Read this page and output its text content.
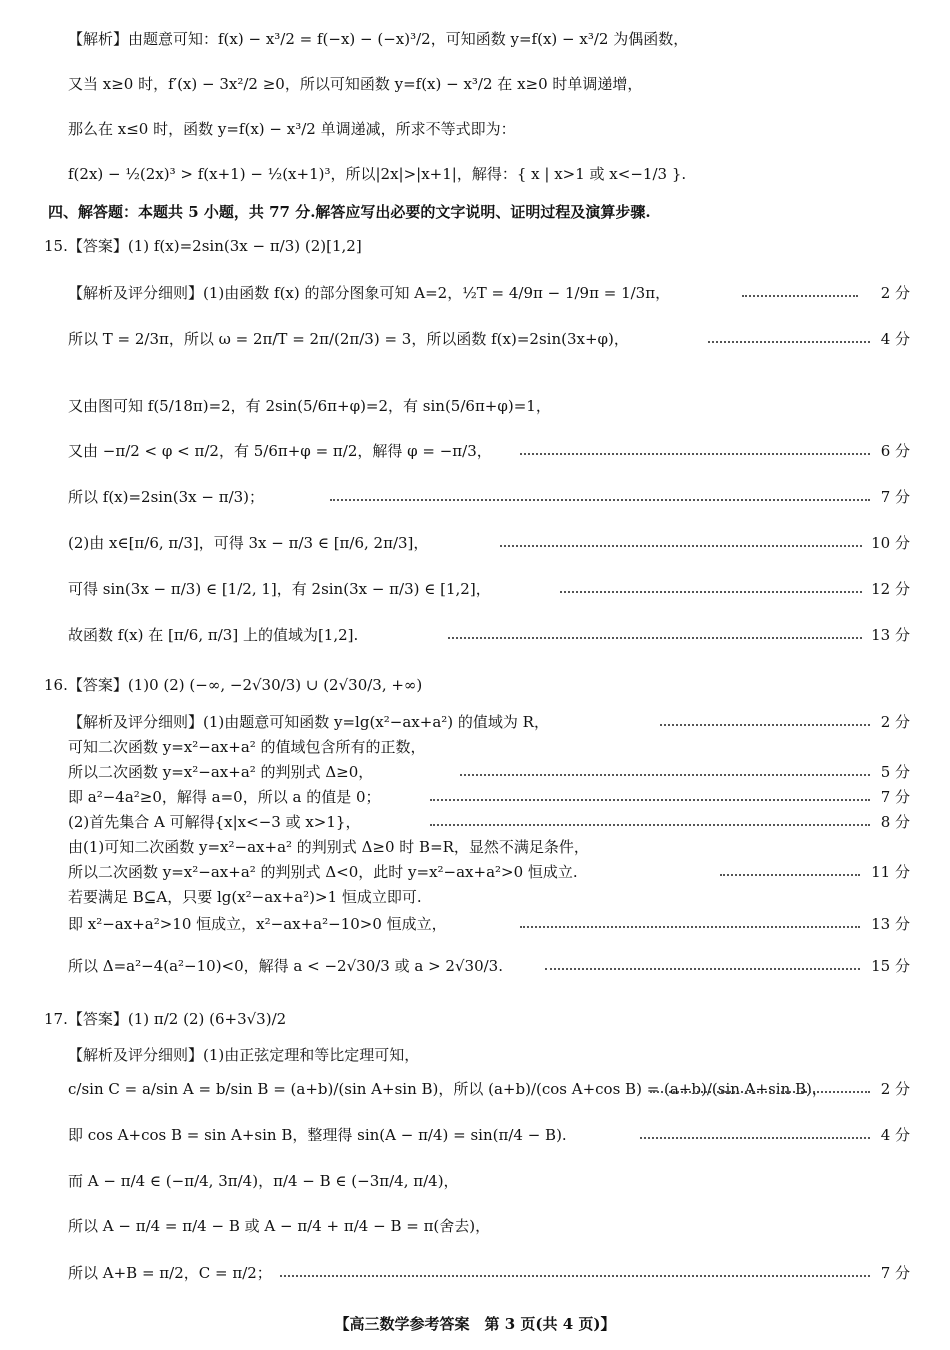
【解析】由题意可知：f(x) − x³/2 = f(−x) − (−x)³/2，可知函数 y=f(x) − x³/2 为偶函数，
又当 x≥0 时，f′(x) − 3x²/2 ≥0，所以可知函数 y=f(x) − x³/2 在 x≥0 时单调递增，
那么在 x≤0 时，函数 y=f(x) − x³/2 单调递减，所求不等式即为：
f(2x) − ½(2x)³ > f(x+1) − ½(x+1)³，所以|2x|>|x+1|，解得：{ x | x>1 或 x<−1/3 }.
四、解答题：本题共 5 小题，共 77 分.解答应写出必要的文字说明、证明过程及演算步骤.
15.【答案】(1) f(x)=2sin(3x − π/3) (2)[1,2]
【解析及评分细则】(1)由函数 f(x) 的部分图象可知 A=2，½T = 4/9π − 1/9π = 1/3π，	2 分
所以 T = 2/3π，所以 ω = 2π/T = 2π/(2π/3) = 3，所以函数 f(x)=2sin(3x+φ)，	4 分
又由图可知 f(5/18π)=2，有 2sin(5/6π+φ)=2，有 sin(5/6π+φ)=1，
又由 −π/2 < φ < π/2，有 5/6π+φ = π/2，解得 φ = −π/3，	6 分
所以 f(x)=2sin(3x − π/3)；	7 分
(2)由 x∈[π/6, π/3]，可得 3x − π/3 ∈ [π/6, 2π/3]，	10 分
可得 sin(3x − π/3) ∈ [1/2, 1]，有 2sin(3x − π/3) ∈ [1,2]，	12 分
故函数 f(x) 在 [π/6, π/3] 上的值域为[1,2].	13 分
16.【答案】(1)0 (2) (−∞, −2√30/3) ∪ (2√30/3, +∞)
【解析及评分细则】(1)由题意可知函数 y=lg(x²−ax+a²) 的值域为 R，	2 分
可知二次函数 y=x²−ax+a² 的值域包含所有的正数，
所以二次函数 y=x²−ax+a² 的判别式 Δ≥0，	5 分
即 a²−4a²≥0，解得 a=0，所以 a 的值是 0；	7 分
(2)首先集合 A 可解得{x|x<−3 或 x>1}，	8 分
由(1)可知二次函数 y=x²−ax+a² 的判别式 Δ≥0 时 B=R，显然不满足条件，
所以二次函数 y=x²−ax+a² 的判别式 Δ<0，此时 y=x²−ax+a²>0 恒成立.	11 分
若要满足 B⊆A，只要 lg(x²−ax+a²)>1 恒成立即可.
即 x²−ax+a²>10 恒成立，x²−ax+a²−10>0 恒成立，	13 分
所以 Δ=a²−4(a²−10)<0，解得 a < −2√30/3 或 a > 2√30/3.	15 分
17.【答案】(1) π/2 (2) (6+3√3)/2
【解析及评分细则】(1)由正弦定理和等比定理可知，
c/sin C = a/sin A = b/sin B = (a+b)/(sin A+sin B)，所以 (a+b)/(cos A+cos B) = (a+b)/(sin A+sin B)，	2 分
即 cos A+cos B = sin A+sin B，整理得 sin(A − π/4) = sin(π/4 − B).	4 分
而 A − π/4 ∈ (−π/4, 3π/4)，π/4 − B ∈ (−3π/4, π/4)，
所以 A − π/4 = π/4 − B 或 A − π/4 + π/4 − B = π(舍去)，
所以 A+B = π/2，C = π/2；	7 分
【高三数学参考答案　第 3 页(共 4 页)】
